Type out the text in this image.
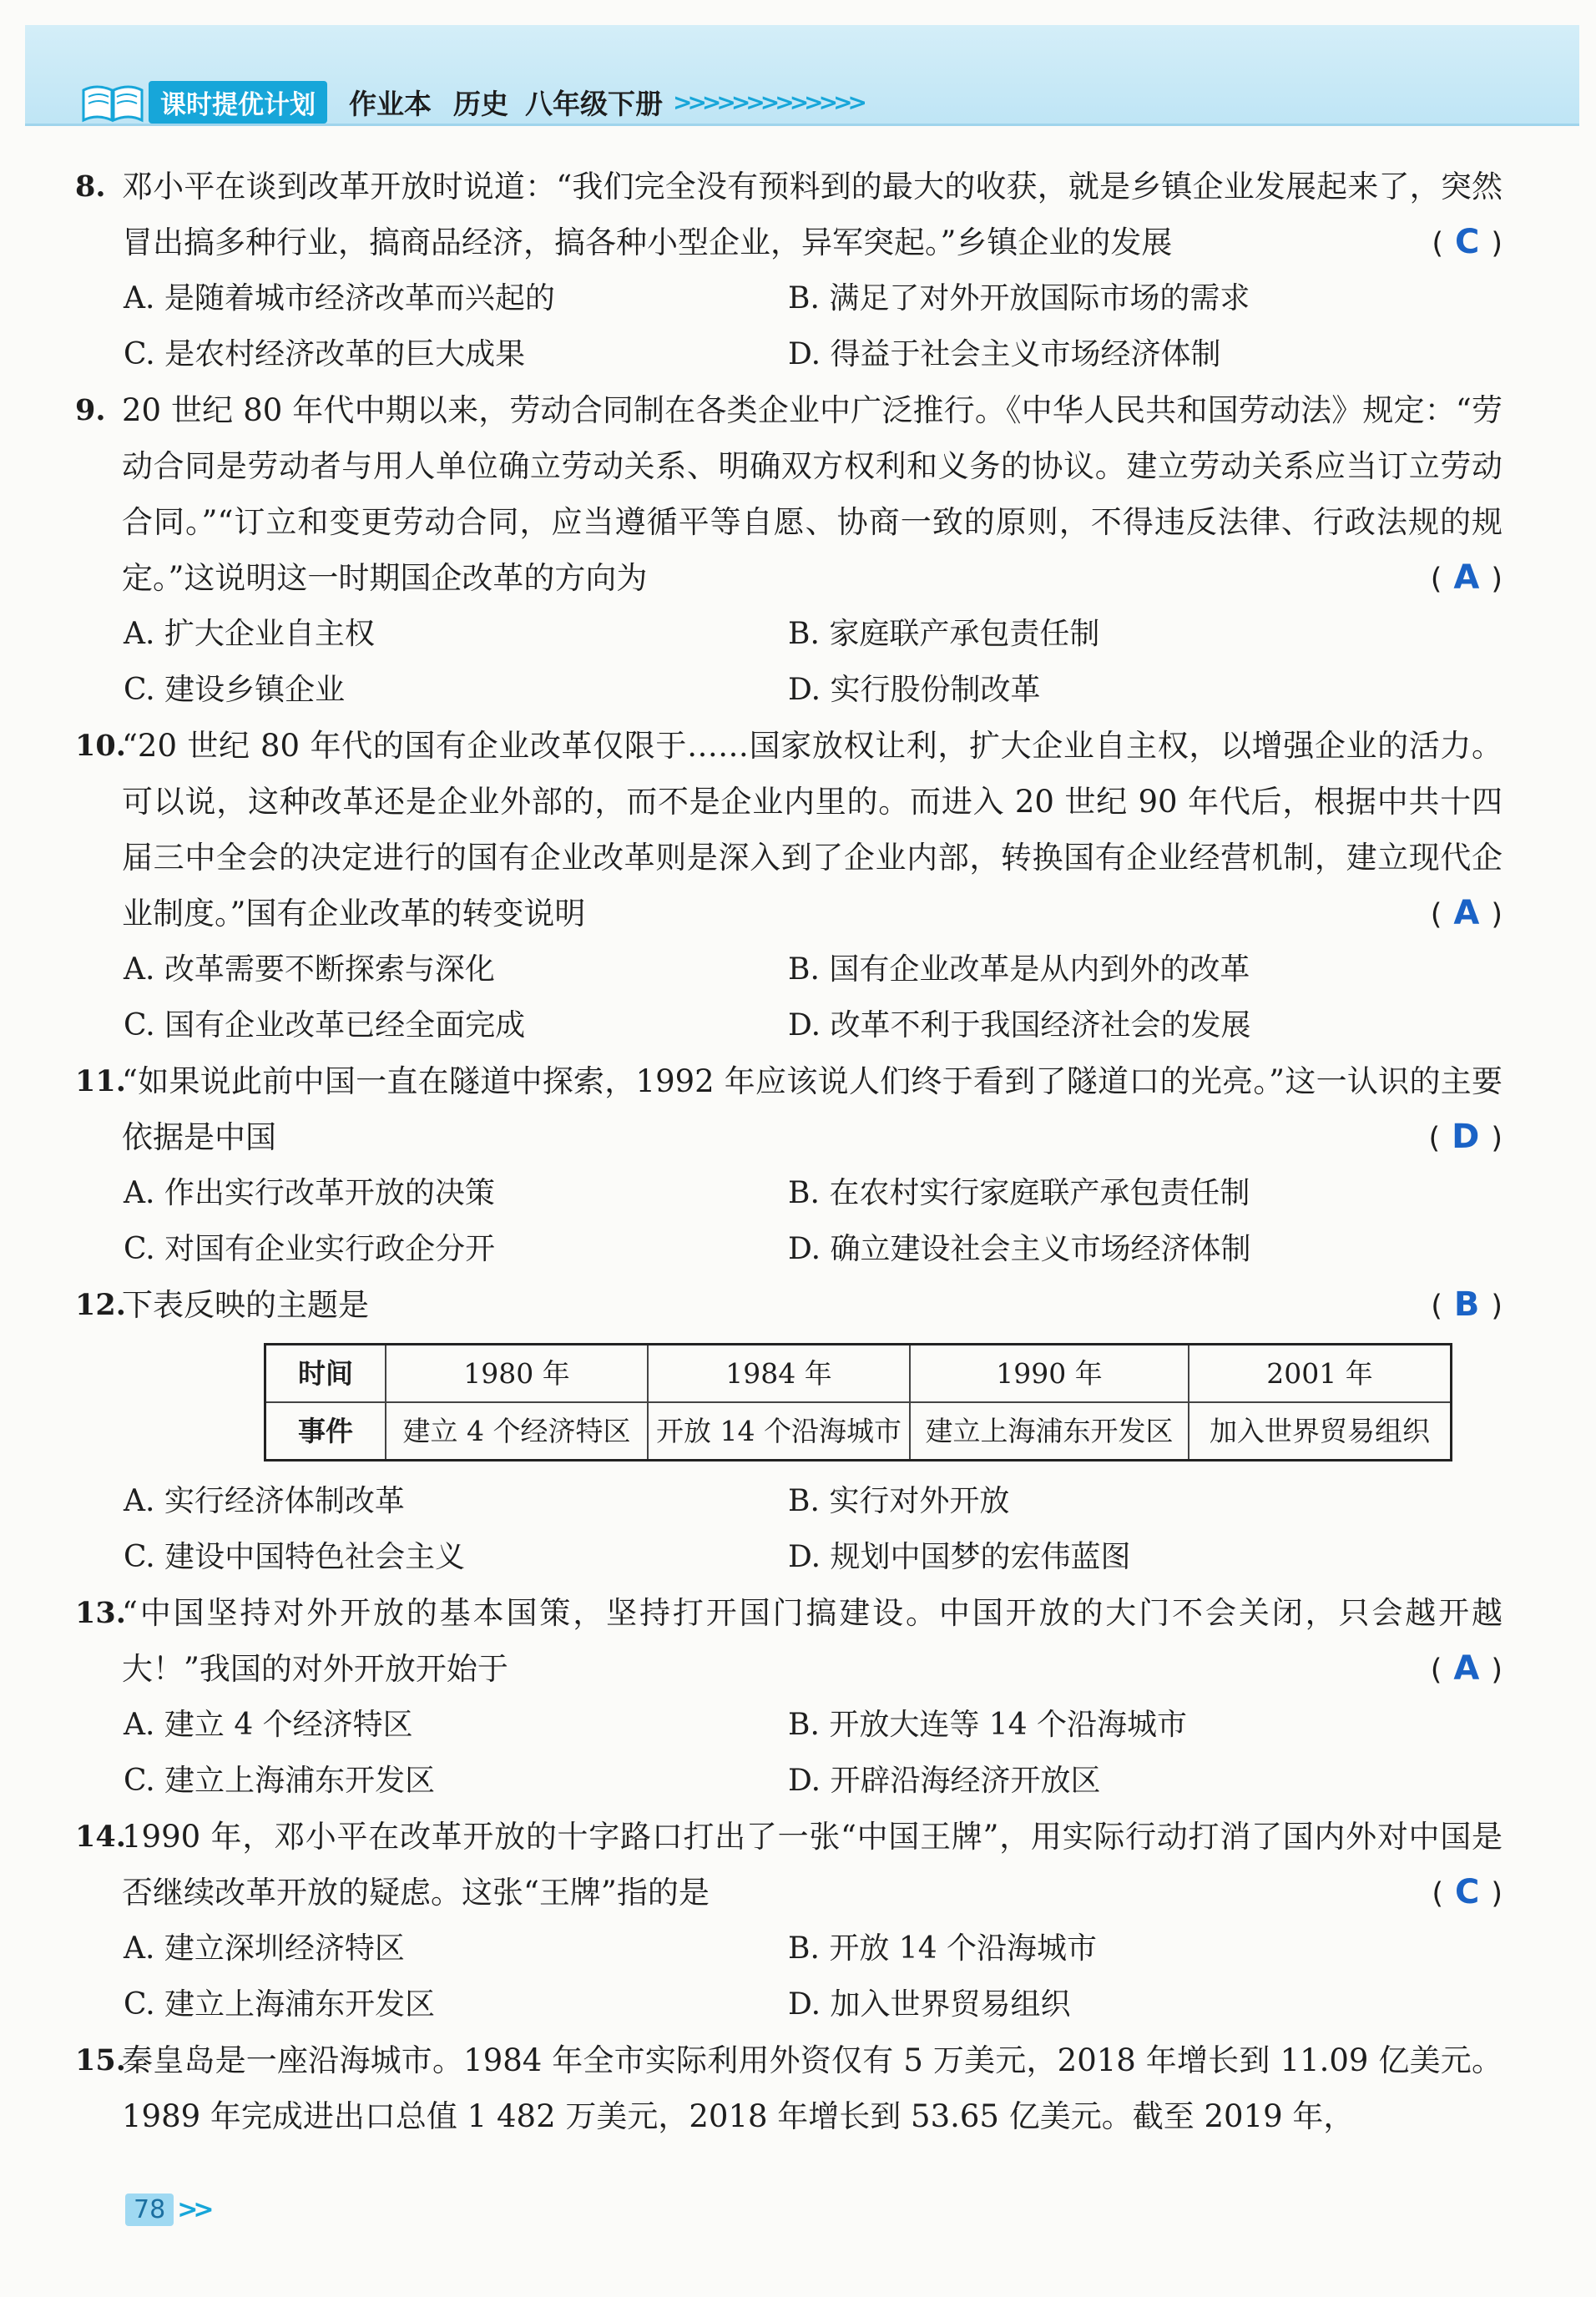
课时提优计划	作业本 历史 八年级下册 >>>>>>>>>>>>>
8. 邓小平在谈到改革开放时说道：“我们完全没有预料到的最大的收获，就是乡镇企业发展起来了，突然冒出搞多种行业，搞商品经济，搞各种小型企业，异军突起。”乡镇企业的发展	( C )
A. 是随着城市经济改革而兴起的	B. 满足了对外开放国际市场的需求
C. 是农村经济改革的巨大成果	D. 得益于社会主义市场经济体制
9. 20 世纪 80 年代中期以来，劳动合同制在各类企业中广泛推行。《中华人民共和国劳动法》规定：“劳动合同是劳动者与用人单位确立劳动关系、明确双方权利和义务的协议。建立劳动关系应当订立劳动合同。”“订立和变更劳动合同，应当遵循平等自愿、协商一致的原则，不得违反法律、行政法规的规定。”这说明这一时期国企改革的方向为	( A )
A. 扩大企业自主权	B. 家庭联产承包责任制
C. 建设乡镇企业	D. 实行股份制改革
10.
“20 世纪 80 年代的国有企业改革仅限于……国家放权让利，扩大企业自主权，以增强企业的活力。可以说，这种改革还是企业外部的，而不是企业内里的。而进入 20 世纪 90 年代后，根据中共十四届三中全会的决定进行的国有企业改革则是深入到了企业内部，转换国有企业经营机制，建立现代企业制度。”国有企业改革的转变说明	( A )
A. 改革需要不断探索与深化	B. 国有企业改革是从内到外的改革
C. 国有企业改革已经全面完成	D. 改革不利于我国经济社会的发展
11.
“如果说此前中国一直在隧道中探索，1992 年应该说人们终于看到了隧道口的光亮。”这一认识的主要依据是中国	( D )
A. 作出实行改革开放的决策	B. 在农村实行家庭联产承包责任制
C. 对国有企业实行政企分开	D. 确立建设社会主义市场经济体制
12.
下表反映的主题是	( B )
时间	1980 年	1984 年	1990 年	2001 年
事件	建立 4 个经济特区	开放 14 个沿海城市	建立上海浦东开发区	加入世界贸易组织
A. 实行经济体制改革	B. 实行对外开放
C. 建设中国特色社会主义	D. 规划中国梦的宏伟蓝图
13.
“中国坚持对外开放的基本国策，坚持打开国门搞建设。中国开放的大门不会关闭，只会越开越大！”我国的对外开放开始于	( A )
A. 建立 4 个经济特区	B. 开放大连等 14 个沿海城市
C. 建立上海浦东开发区	D. 开辟沿海经济开放区
14.
1990 年，邓小平在改革开放的十字路口打出了一张“中国王牌”，用实际行动打消了国内外对中国是否继续改革开放的疑虑。这张“王牌”指的是	( C )
A. 建立深圳经济特区	B. 开放 14 个沿海城市
C. 建立上海浦东开发区	D. 加入世界贸易组织
15.
秦皇岛是一座沿海城市。1984 年全市实际利用外资仅有 5 万美元，2018 年增长到 11.09 亿美元。1989 年完成进出口总值 1 482 万美元，2018 年增长到 53.65 亿美元。截至 2019 年，
78 >>
